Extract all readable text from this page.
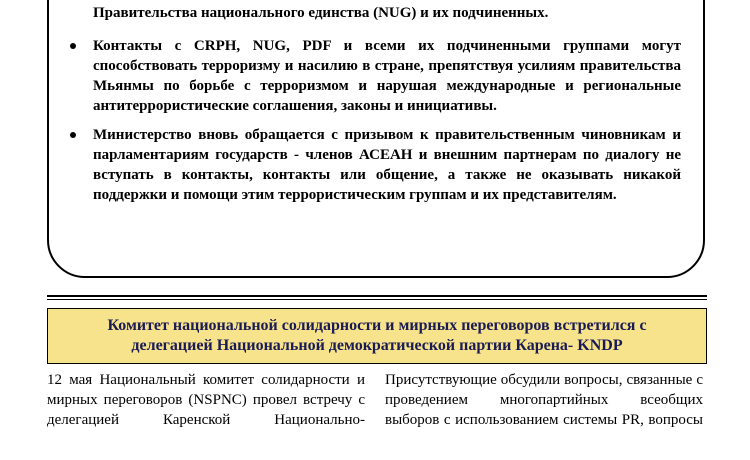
Правительства национального единства (NUG) и их подчиненных.
Контакты с CRPH, NUG, PDF и всеми их подчиненными группами могут способствовать терроризму и насилию в стране, препятствуя усилиям правительства Мьянмы по борьбе с терроризмом и нарушая международные и региональные антитеррористические соглашения, законы и инициативы.
Министерство вновь обращается с призывом к правительственным чиновникам и парламентариям государств - членов АСЕАН и внешним партнерам по диалогу не вступать в контакты, контакты или общение, а также не оказывать никакой поддержки и помощи этим террористическим группам и их представителям.
Комитет национальной солидарности и мирных переговоров встретился с
делегацией Национальной демократической партии Карена- KNDP

12 мая Национальный комитет солидарности и мирных переговоров (NSPNC) провел встречу с делегацией Каренской Национально-

Присутствующие обсудили вопросы, связанные с проведением многопартийных всеобщих выборов с использованием системы PR, вопросы
